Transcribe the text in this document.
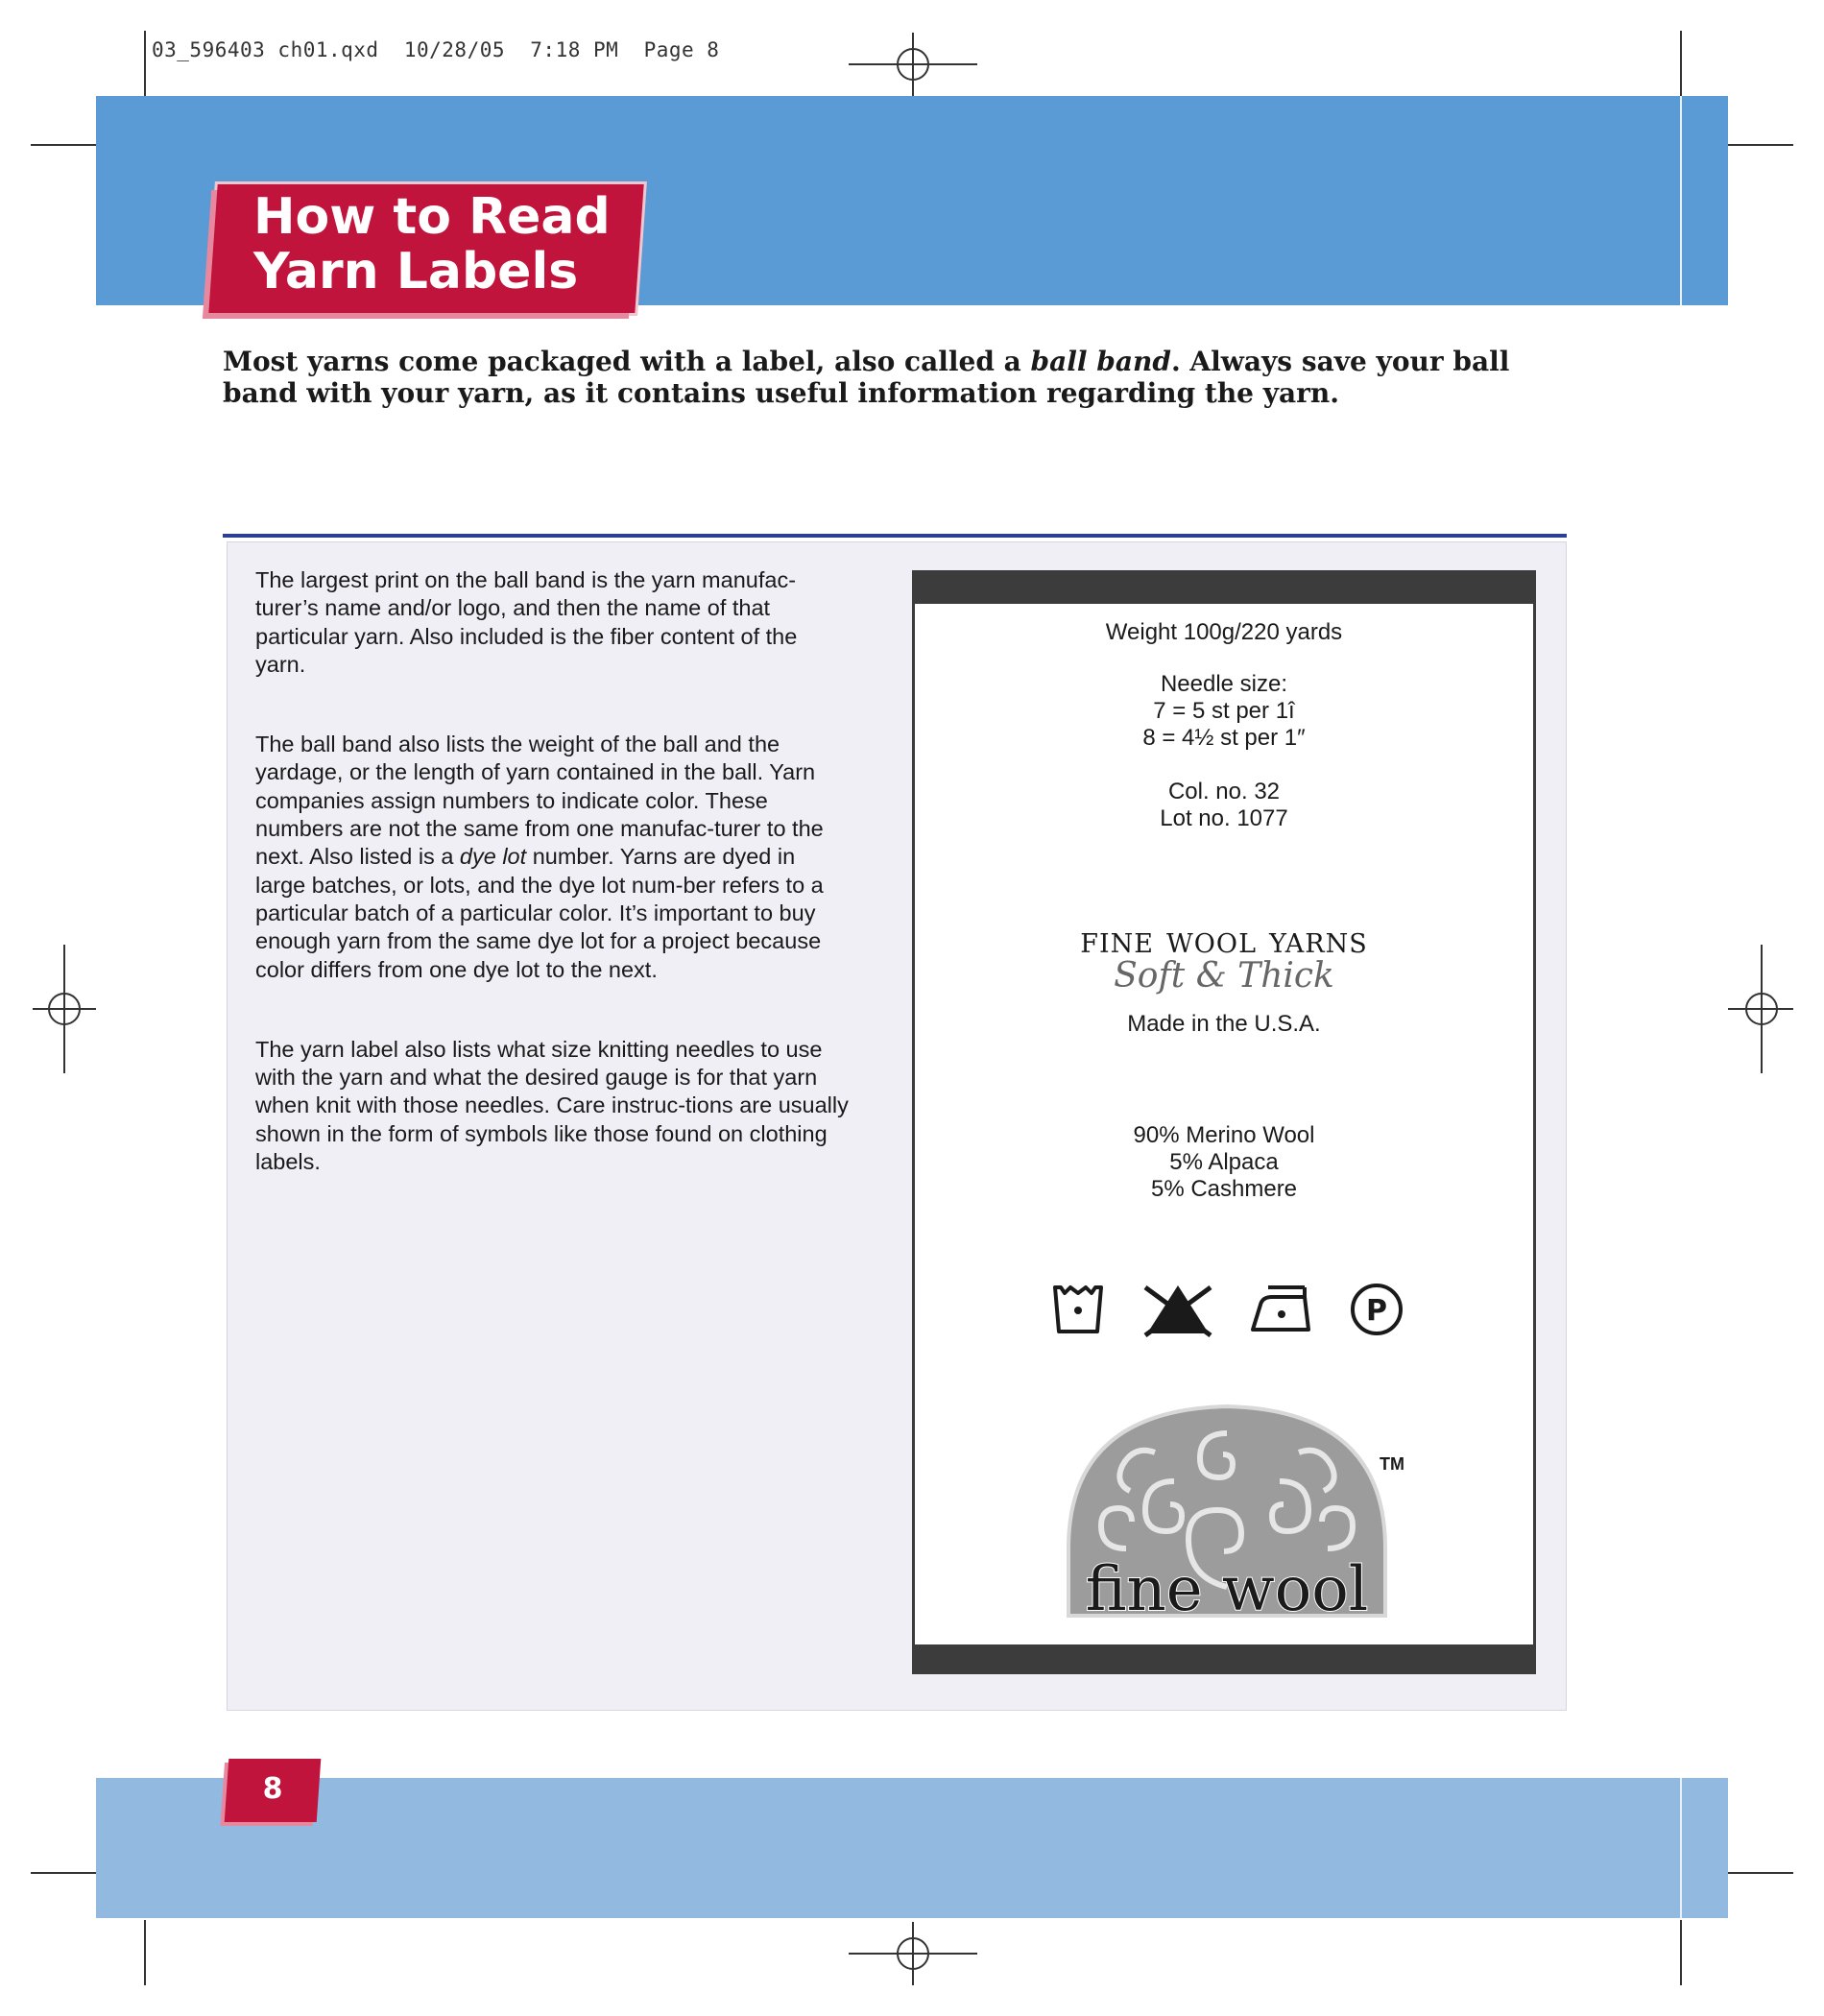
03_596403 ch01.qxd  10/28/05  7:18 PM  Page 8
How to Read
Yarn Labels
Most yarns come packaged with a label, also called a ball band. Always save your ball band with your yarn, as it contains useful information regarding the yarn.

The largest print on the ball band is the yarn manufac-turer’s name and/or logo, and then the name of that particular yarn. Also included is the fiber content of the yarn.

The ball band also lists the weight of the ball and the yardage, or the length of yarn contained in the ball. Yarn companies assign numbers to indicate color. These numbers are not the same from one manufac-turer to the next. Also listed is a dye lot number. Yarns are dyed in large batches, or lots, and the dye lot num-ber refers to a particular batch of a particular color. It’s important to buy enough yarn from the same dye lot for a project because color differs from one dye lot to the next.

The yarn label also lists what size knitting needles to use with the yarn and what the desired gauge is for that yarn when knit with those needles. Care instruc-tions are usually shown in the form of symbols like those found on clothing labels.

Weight 100g/220 yards
Needle size:
7 = 5 st per 1î
8 = 4½ st per 1″
Col. no. 32
Lot no. 1077
fine wool yarns
Soft & Thick
Made in the U.S.A.
90% Merino Wool
5% Alpaca
5% Cashmere
P
fine wool
TM
8
